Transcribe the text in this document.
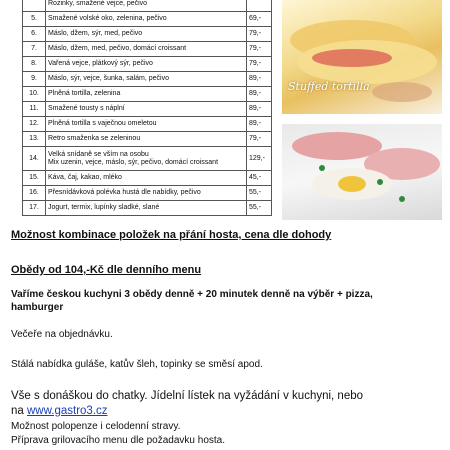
	Rozinky, smažené vejce, pečivo	
5.	Smažené volské oko, zelenina, pečivo	69,-
6.	Máslo, džem, sýr, med, pečivo	79,-
7.	Máslo, džem, med, pečivo, domácí croissant	79,-
8.	Vařená vejce, plátkový sýr, pečivo	79,-
9.	Máslo, sýr, vejce, šunka, salám, pečivo	89,-
10.	Plněná tortilla, zelenina	89,-
11.	Smažené tousty s náplní	89,-
12.	Plněná tortilla s vaječnou omeletou	89,-
13.	Retro smaženka se zeleninou	79,-
14.	Velká snídaně se vším na osobu
Mix uzenin, vejce, máslo, sýr, pečivo, domácí croissant	129,-
15.	Káva, čaj, kakao, mléko	45,-
16.	Přesnídávková polévka hustá dle nabídky, pečivo	55,-
17.	Jogurt, termix, lupínky sladké, slané	55,-
Stuffed tortilla
Možnost kombinace položek na přání hosta, cena dle dohody
Obědy od 104,-Kč dle denního menu
Vaříme českou kuchyni 3 obědy denně + 20 minutek denně na výběr + pizza,
hamburger
Večeře na objednávku.
Stálá nabídka guláše, katův šleh, topinky se směsí apod.
Vše s donáškou do chatky. Jídelní lístek na vyžádání v kuchyni, nebo
na www.gastro3.cz
Možnost polopenze i celodenní stravy.
Příprava grilovacího menu dle požadavku hosta.
